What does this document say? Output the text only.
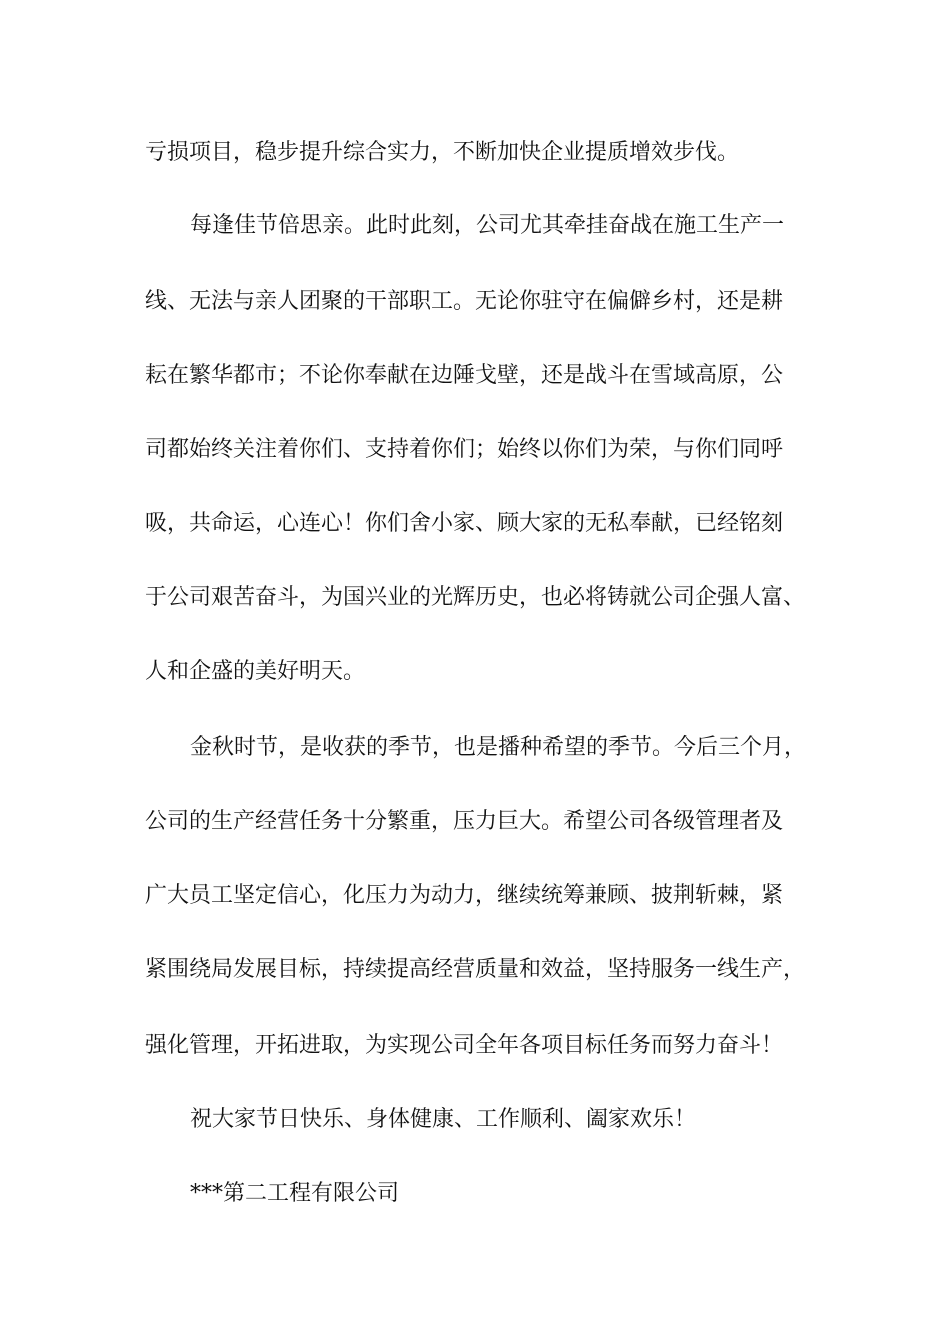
亏损项目，稳步提升综合实力，不断加快企业提质增效步伐。
每逢佳节倍思亲。此时此刻，公司尤其牵挂奋战在施工生产一
线、无法与亲人团聚的干部职工。无论你驻守在偏僻乡村，还是耕
耘在繁华都市；不论你奉献在边陲戈壁，还是战斗在雪域高原，公
司都始终关注着你们、支持着你们；始终以你们为荣，与你们同呼
吸，共命运，心连心！你们舍小家、顾大家的无私奉献，已经铭刻
于公司艰苦奋斗，为国兴业的光辉历史，也必将铸就公司企强人富、
人和企盛的美好明天。
金秋时节，是收获的季节，也是播种希望的季节。今后三个月，
公司的生产经营任务十分繁重，压力巨大。希望公司各级管理者及
广大员工坚定信心，化压力为动力，继续统筹兼顾、披荆斩棘，紧
紧围绕局发展目标，持续提高经营质量和效益，坚持服务一线生产，
强化管理，开拓进取，为实现公司全年各项目标任务而努力奋斗！
祝大家节日快乐、身体健康、工作顺利、阖家欢乐！
***第二工程有限公司
